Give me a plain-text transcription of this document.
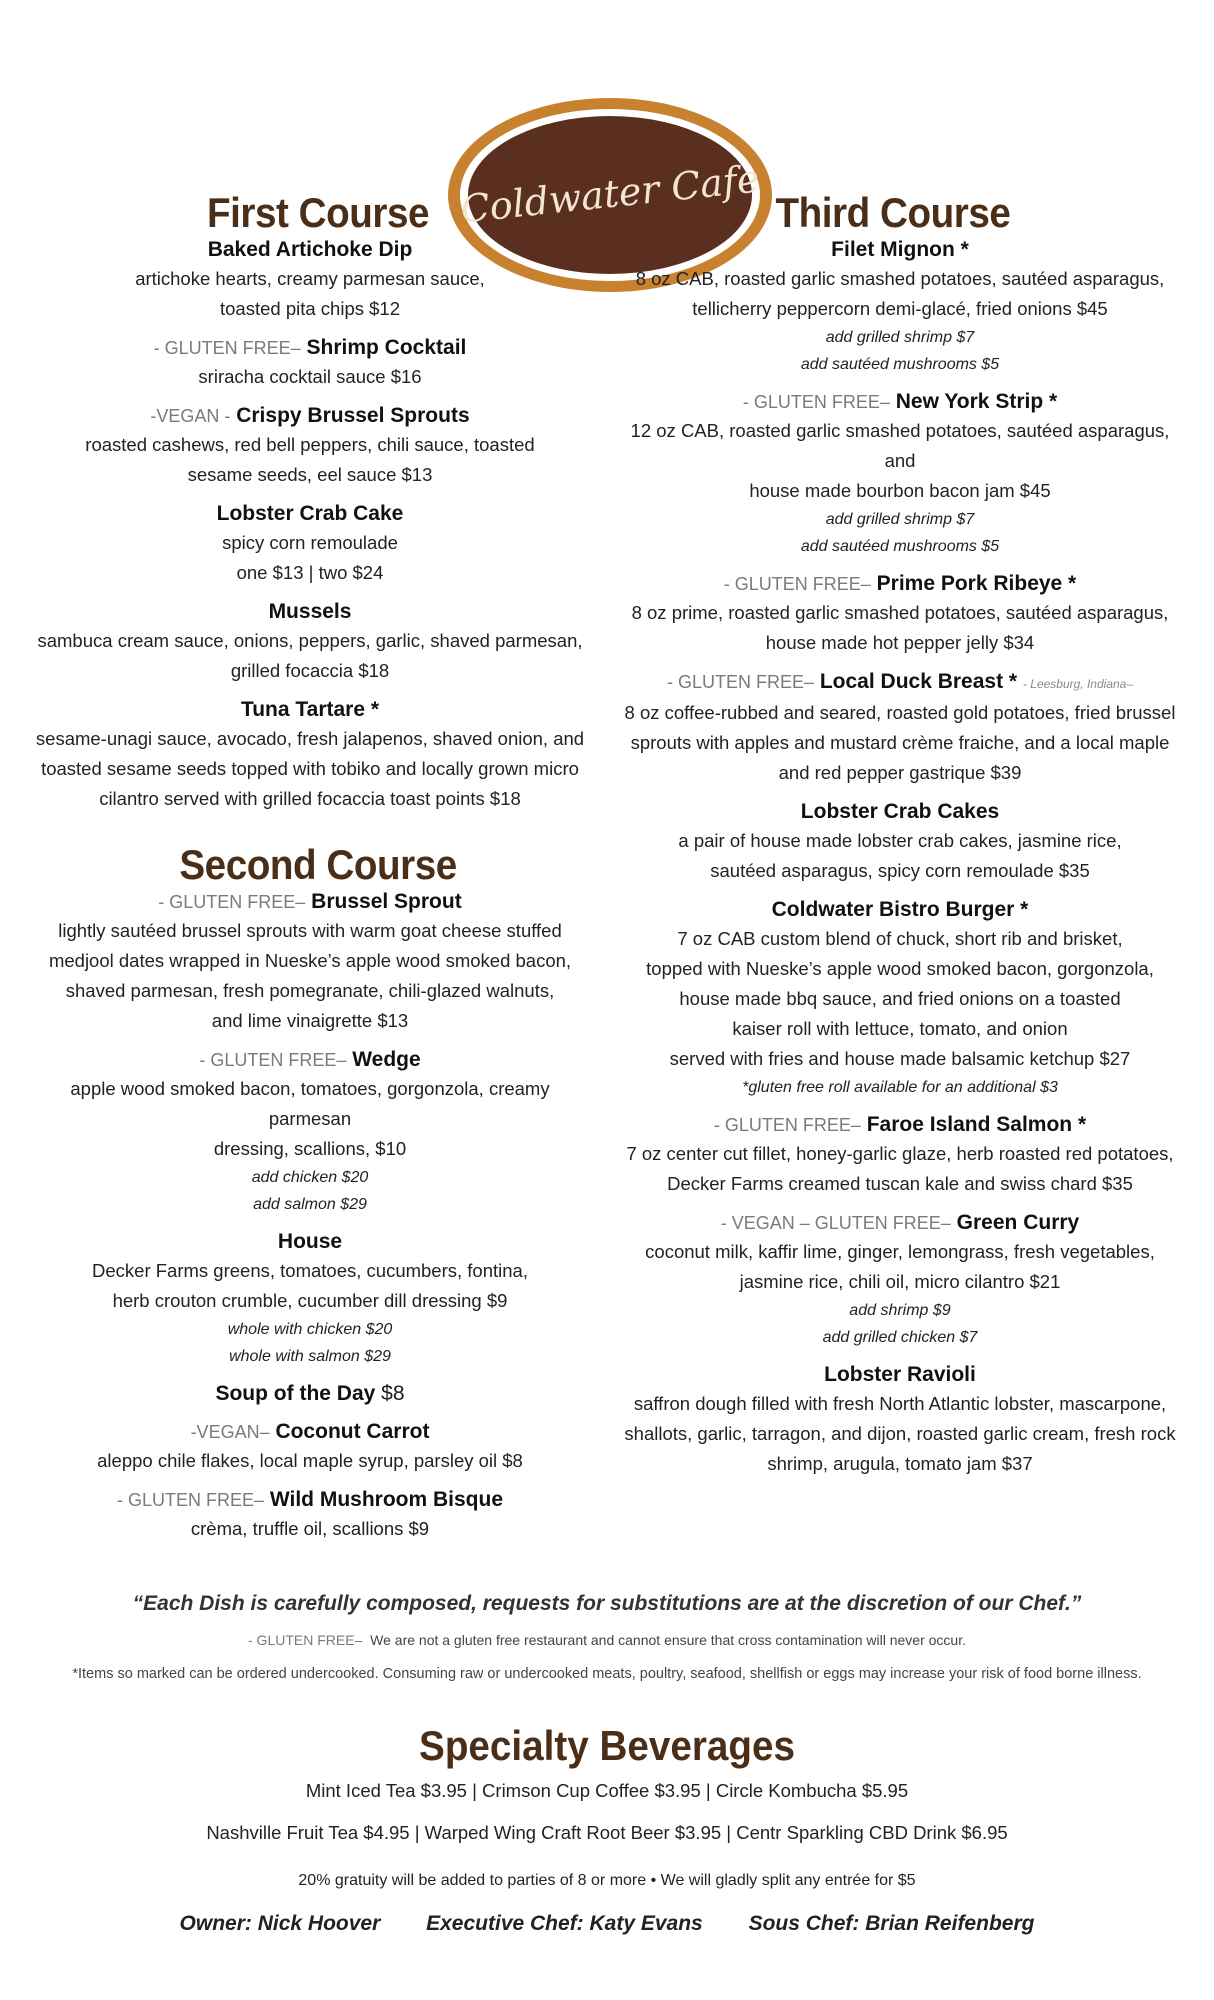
Coldwater Cafe
First Course
Baked Artichoke Dip
artichoke hearts, creamy parmesan sauce,
toasted pita chips $12
- GLUTEN FREE– Shrimp Cocktail
sriracha cocktail sauce $16
-VEGAN - Crispy Brussel Sprouts
roasted cashews, red bell peppers, chili sauce, toasted
sesame seeds, eel sauce $13
Lobster Crab Cake
spicy corn remoulade
one $13 | two $24
Mussels
sambuca cream sauce, onions, peppers, garlic, shaved parmesan,
grilled focaccia $18
Tuna Tartare *
sesame-unagi sauce, avocado, fresh jalapenos, shaved onion, and
toasted sesame seeds topped with tobiko and locally grown micro
cilantro served with grilled focaccia toast points $18
Second Course
- GLUTEN FREE– Brussel Sprout
lightly sautéed brussel sprouts with warm goat cheese stuffed
medjool dates wrapped in Nueske’s apple wood smoked bacon,
shaved parmesan, fresh pomegranate, chili-glazed walnuts,
and lime vinaigrette $13
- GLUTEN FREE– Wedge
apple wood smoked bacon, tomatoes, gorgonzola, creamy parmesan
dressing, scallions, $10
add chicken $20
add salmon $29
House
Decker Farms greens, tomatoes, cucumbers, fontina,
herb crouton crumble, cucumber dill dressing $9
whole with chicken $20
whole with salmon $29
Soup of the Day $8
-VEGAN– Coconut Carrot
aleppo chile flakes, local maple syrup, parsley oil $8
- GLUTEN FREE– Wild Mushroom Bisque
crèma, truffle oil, scallions $9
Third Course
Filet Mignon *
8 oz CAB, roasted garlic smashed potatoes, sautéed asparagus,
tellicherry peppercorn demi-glacé, fried onions $45
add grilled shrimp $7
add sautéed mushrooms $5
- GLUTEN FREE– New York Strip *
12 oz CAB, roasted garlic smashed potatoes, sautéed asparagus, and
house made bourbon bacon jam $45
add grilled shrimp $7
add sautéed mushrooms $5
- GLUTEN FREE– Prime Pork Ribeye *
8 oz prime, roasted garlic smashed potatoes, sautéed asparagus,
house made hot pepper jelly $34
- GLUTEN FREE– Local Duck Breast * - Leesburg, Indiana–
8 oz coffee-rubbed and seared, roasted gold potatoes, fried brussel
sprouts with apples and mustard crème fraiche, and a local maple
and red pepper gastrique $39
Lobster Crab Cakes
a pair of house made lobster crab cakes, jasmine rice,
sautéed asparagus, spicy corn remoulade $35
Coldwater Bistro Burger *
7 oz CAB custom blend of chuck, short rib and brisket,
topped with Nueske’s apple wood smoked bacon, gorgonzola,
house made bbq sauce, and fried onions on a toasted
kaiser roll with lettuce, tomato, and onion
served with fries and house made balsamic ketchup $27
*gluten free roll available for an additional $3
- GLUTEN FREE– Faroe Island Salmon *
7 oz center cut fillet, honey-garlic glaze, herb roasted red potatoes,
Decker Farms creamed tuscan kale and swiss chard $35
- VEGAN – GLUTEN FREE– Green Curry
coconut milk, kaffir lime, ginger, lemongrass, fresh vegetables,
jasmine rice, chili oil, micro cilantro $21
add shrimp $9
add grilled chicken $7
Lobster Ravioli
saffron dough filled with fresh North Atlantic lobster, mascarpone,
shallots, garlic, tarragon, and dijon, roasted garlic cream, fresh rock
shrimp, arugula, tomato jam $37
“Each Dish is carefully composed, requests for substitutions are at the discretion of our Chef.”
- GLUTEN FREE– We are not a gluten free restaurant and cannot ensure that cross contamination will never occur.
*Items so marked can be ordered undercooked. Consuming raw or undercooked meats, poultry, seafood, shellfish or eggs may increase your risk of food borne illness.
Specialty Beverages
Mint Iced Tea $3.95 | Crimson Cup Coffee $3.95 | Circle Kombucha $5.95
Nashville Fruit Tea $4.95 | Warped Wing Craft Root Beer $3.95 | Centr Sparkling CBD Drink $6.95
20% gratuity will be added to parties of 8 or more • We will gladly split any entrée for $5
Owner: Nick Hoover Executive Chef: Katy Evans Sous Chef: Brian Reifenberg
